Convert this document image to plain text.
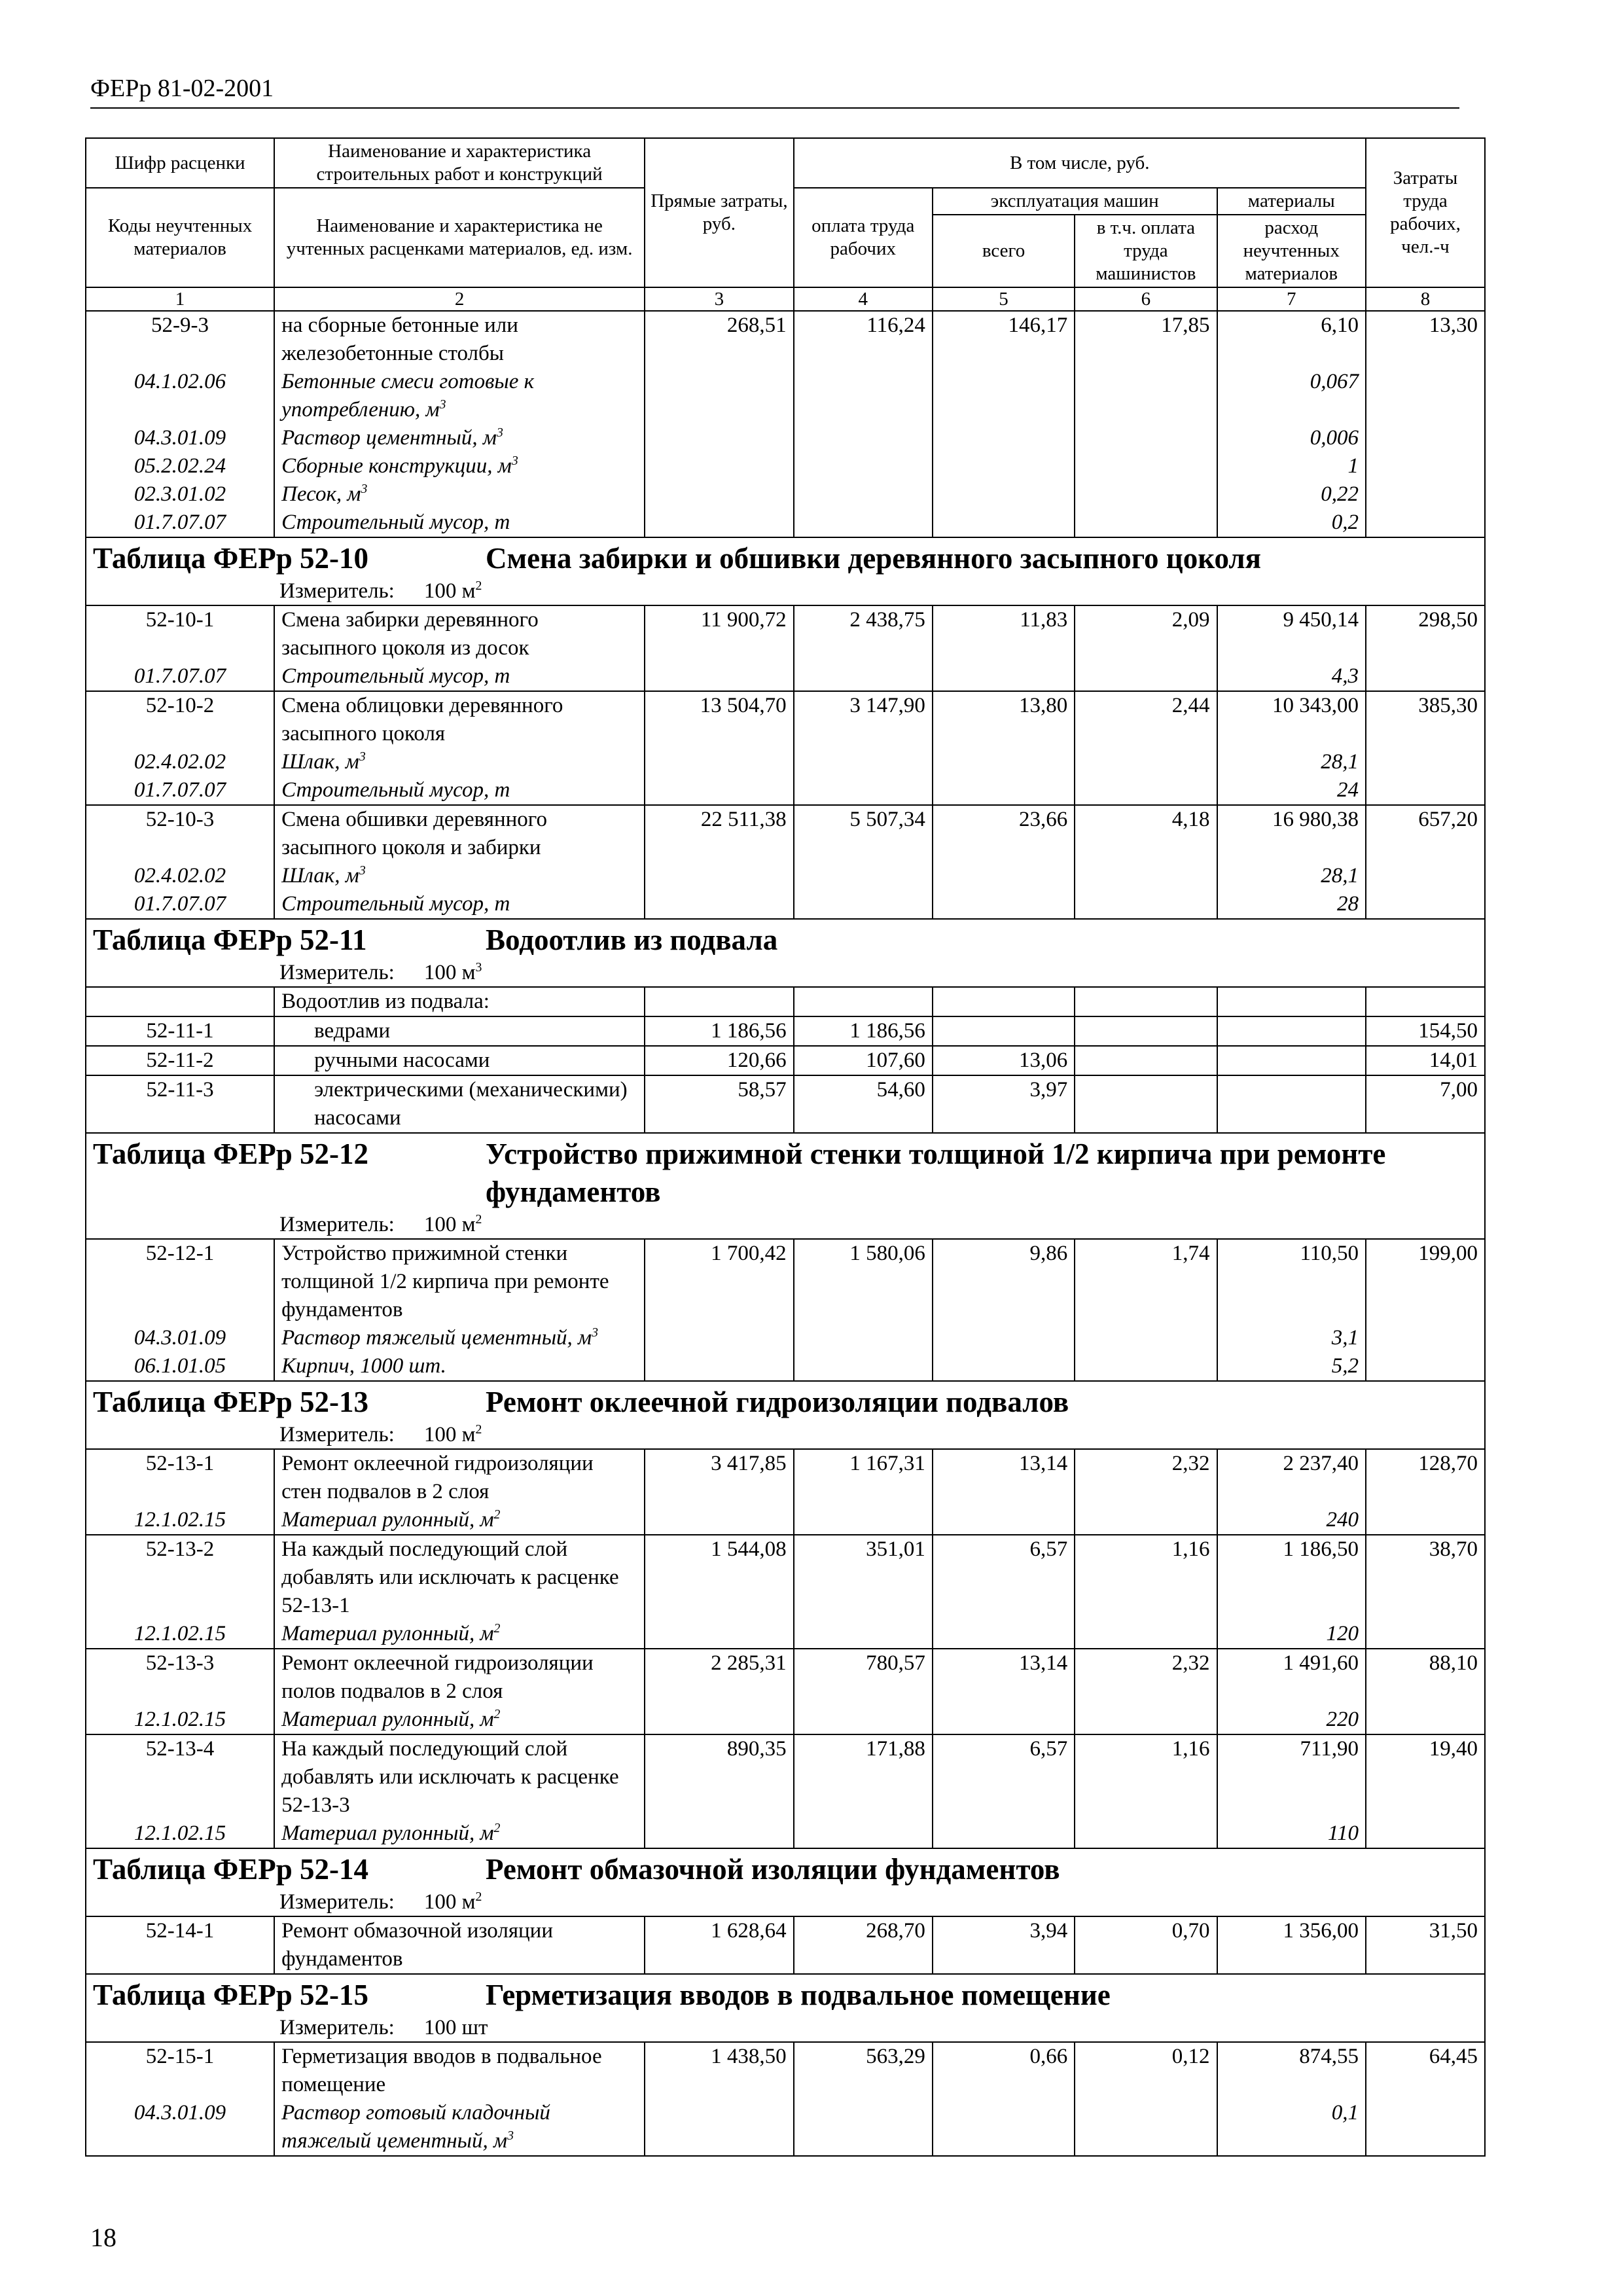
ФЕРр 81-02-2001
Шифр расценки	Наименование и характеристика строительных работ и конструкций	Прямые затраты, руб.	В том числе, руб.				Затраты труда рабочих, чел.-ч
Коды неучтенных материалов	Наименование и характеристика не учтенных расценками материалов, ед. изм.						
			оплата труда рабочих	эксплуатация машин		материалы	
				всего	в т.ч. оплата труда машинистов	расход неучтенных материалов	
1	2	3	4	5	6	7	8
52-9-3	на сборные бетонные или железобетонные столбы	268,51	116,24	146,17	17,85	6,10	13,30
04.1.02.06	Бетонные смеси готовые к употреблению, $м^3$					0,067	
04.3.01.09	Раствор цементный, $м^3$					0,006	
05.2.02.24	Сборные конструкции, $м^3$					1	
02.3.01.02	Песок, $м^3$					0,22	
01.7.07.07	Строительный мусор, т					0,2	

Таблица ФЕРр 52-10 Смена забирки и обшивки деревянного засыпного цоколя							

Измеритель: 100 $м^2$

52-10-1	Смена забирки деревянного засыпного цоколя из досок	11 900,72	2 438,75	11,83	2,09	9 450,14	298,50
01.7.07.07	Строительный мусор, т					4,3	
52-10-2	Смена облицовки деревянного засыпного цоколя	13 504,70	3 147,90	13,80	2,44	10 343,00	385,30
02.4.02.02	Шлак, $м^3$					28,1	
01.7.07.07	Строительный мусор, т					24	
52-10-3	Смена обшивки деревянного засыпного цоколя и забирки	22 511,38	5 507,34	23,66	4,18	16 980,38	657,20
02.4.02.02	Шлак, $м^3$					28,1	
01.7.07.07	Строительный мусор, т					28	

Таблица ФЕРр 52-11 Водоотлив из подвала							

Измеритель: 100 $м^3$

	Водоотлив из подвала:						
52-11-1	ведрами	1 186,56	1 186,56				154,50
52-11-2	ручными насосами	120,66	107,60	13,06			14,01
52-11-3	электрическими (механическими) насосами	58,57	54,60	3,97			7,00

Таблица ФЕРр 52-12 Устройство прижимной стенки толщиной 1/2 кирпича при ремонте фундаментов							

Измеритель: 100 $м^2$

52-12-1	Устройство прижимной стенки толщиной 1/2 кирпича при ремонте фундаментов	1 700,42	1 580,06	9,86	1,74	110,50	199,00
04.3.01.09	Раствор тяжелый цементный, $м^3$					3,1	
06.1.01.05	Кирпич, 1000 шт.					5,2	

Таблица ФЕРр 52-13 Ремонт оклеечной гидроизоляции подвалов							

Измеритель: 100 $м^2$

52-13-1	Ремонт оклеечной гидроизоляции стен подвалов в 2 слоя	3 417,85	1 167,31	13,14	2,32	2 237,40	128,70
12.1.02.15	Материал рулонный, $м^2$					240	
52-13-2	На каждый последующий слой добавлять или исключать к расценке 52-13-1	1 544,08	351,01	6,57	1,16	1 186,50	38,70
12.1.02.15	Материал рулонный, $м^2$					120	
52-13-3	Ремонт оклеечной гидроизоляции полов подвалов в 2 слоя	2 285,31	780,57	13,14	2,32	1 491,60	88,10
12.1.02.15	Материал рулонный, $м^2$					220	
52-13-4	На каждый последующий слой добавлять или исключать к расценке 52-13-3	890,35	171,88	6,57	1,16	711,90	19,40
12.1.02.15	Материал рулонный, $м^2$					110	

Таблица ФЕРр 52-14 Ремонт обмазочной изоляции фундаментов							

Измеритель: 100 $м^2$

52-14-1	Ремонт обмазочной изоляции фундаментов	1 628,64	268,70	3,94	0,70	1 356,00	31,50

Таблица ФЕРр 52-15 Герметизация вводов в подвальное помещение							

Измеритель: 100 шт							

52-15-1	Герметизация вводов в подвальное помещение	1 438,50	563,29	0,66	0,12	874,55	64,45
04.3.01.09	Раствор готовый кладочный тяжелый цементный, $м^3$					0,1	
18
